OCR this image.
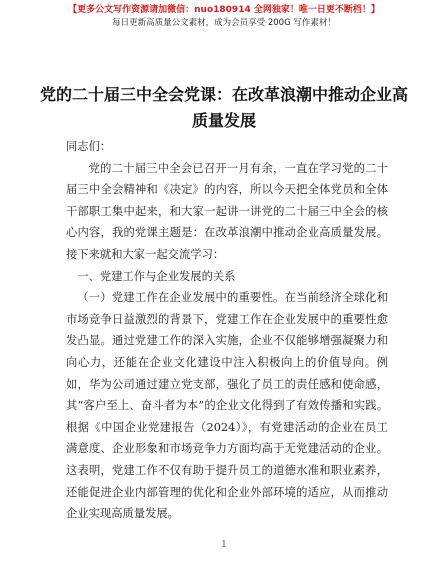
【更多公文写作资源请加微信：nuo180914 全网独家！唯一日更不断档！】
每日更新高质量公文素材，成为会员享受 200G 写作素材！
党的二十届三中全会党课：在改革浪潮中推动企业高质量发展

同志们：

党的二十届三中全会已召开一月有余，一直在学习党的二十届三中全会精神和《决定》的内容，所以今天把全体党员和全体干部职工集中起来，和大家一起讲一讲党的二十届三中全会的核心内容，我的党课主题是：在改革浪潮中推动企业高质量发展。接下来就和大家一起交流学习：

一、党建工作与企业发展的关系

（一）党建工作在企业发展中的重要性。在当前经济全球化和市场竞争日益激烈的背景下，党建工作在企业发展中的重要性愈发凸显。通过党建工作的深入实施，企业不仅能够增强凝聚力和向心力，还能在企业文化建设中注入积极向上的价值导向。例如，华为公司通过建立党支部，强化了员工的责任感和使命感，其“客户至上、奋斗者为本”的企业文化得到了有效传播和实践。根据《中国企业党建报告（2024）》，有党建活动的企业在员工满意度、企业形象和市场竞争力方面均高于无党建活动的企业。这表明，党建工作不仅有助于提升员工的道德水准和职业素养，还能促进企业内部管理的优化和企业外部环境的适应，从而推动企业实现高质量发展。

1
